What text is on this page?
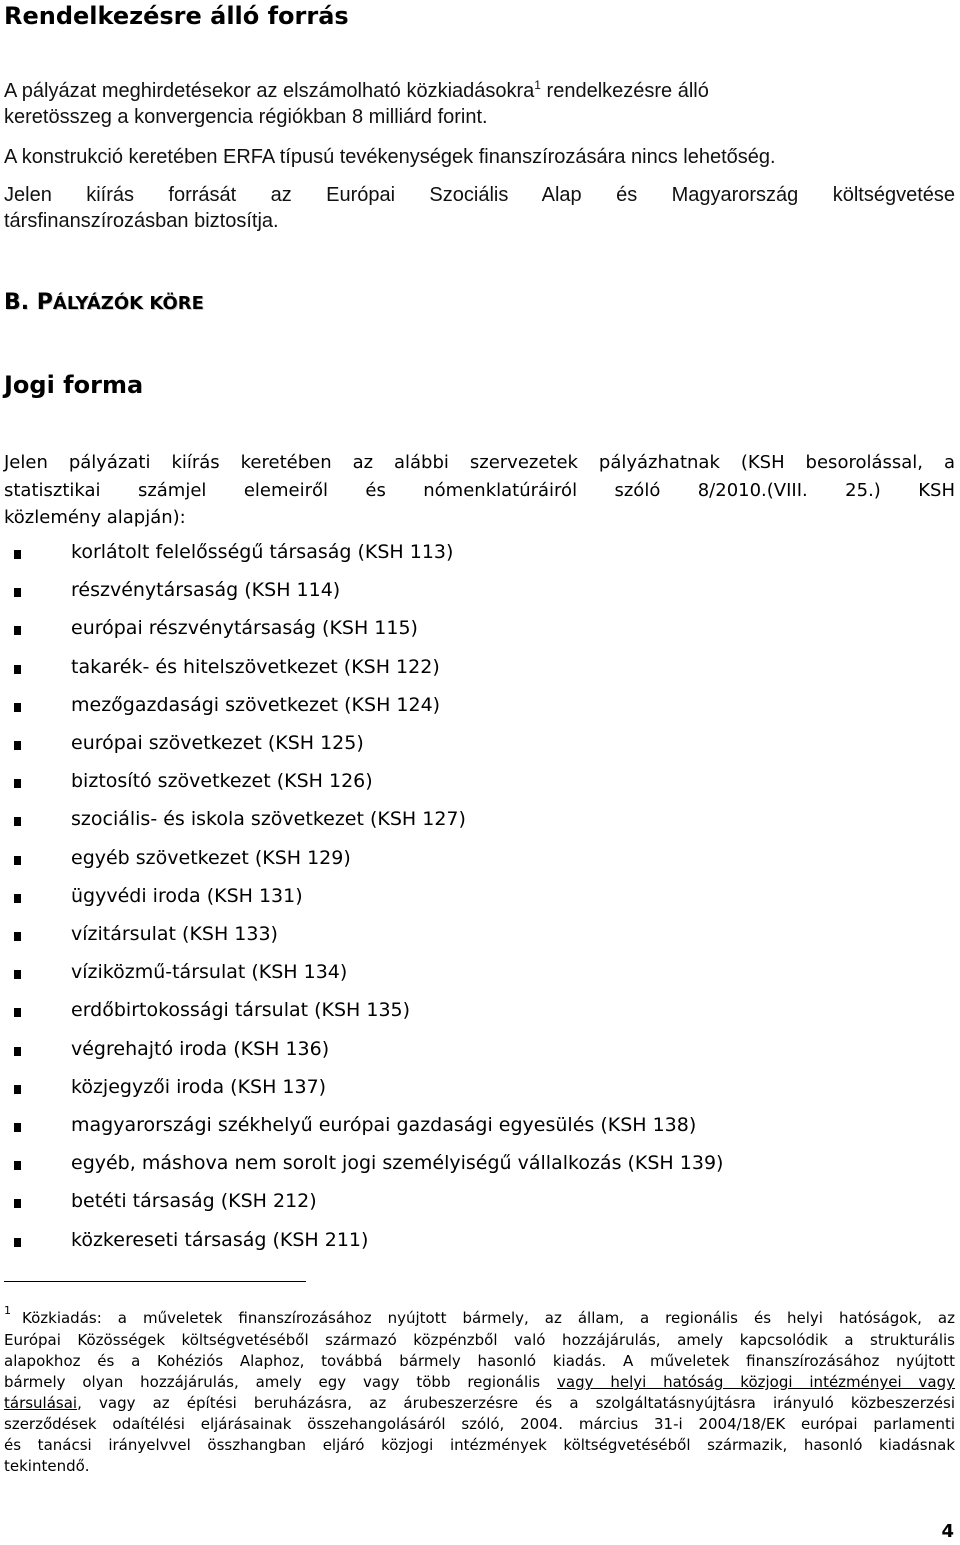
Rendelkezésre álló forrás
A pályázat meghirdetésekor az elszámolható közkiadásokra$^1$ rendelkezésre álló
keretösszeg a konvergencia régiókban 8 milliárd forint.
A konstrukció keretében ERFA típusú tevékenységek finanszírozására nincs lehetőség.
Jelen kiírás forrását az Európai Szociális Alap és Magyarország költségvetése
társfinanszírozásban biztosítja.
B. PÁLYÁZÓK KÖRE
Jogi forma
Jelen pályázati kiírás keretében az alábbi szervezetek pályázhatnak (KSH besorolással, a
statisztikai számjel elemeiről és nómenklatúráiról szóló 8/2010.(VIII. 25.) KSH
közlemény alapján):
korlátolt felelősségű társaság (KSH 113)
részvénytársaság (KSH 114)
európai részvénytársaság (KSH 115)
takarék- és hitelszövetkezet (KSH 122)
mezőgazdasági szövetkezet (KSH 124)
európai szövetkezet (KSH 125)
biztosító szövetkezet (KSH 126)
szociális- és iskola szövetkezet (KSH 127)
egyéb szövetkezet (KSH 129)
ügyvédi iroda (KSH 131)
vízitársulat (KSH 133)
víziközmű-társulat (KSH 134)
erdőbirtokossági társulat (KSH 135)
végrehajtó iroda (KSH 136)
közjegyzői iroda (KSH 137)
magyarországi székhelyű európai gazdasági egyesülés (KSH 138)
egyéb, máshova nem sorolt jogi személyiségű vállalkozás (KSH 139)
betéti társaság (KSH 212)
közkereseti társaság (KSH 211)
1 Közkiadás: a műveletek finanszírozásához nyújtott bármely, az állam, a regionális és helyi hatóságok, az
Európai Közösségek költségvetéséből származó közpénzből való hozzájárulás, amely kapcsolódik a strukturális
alapokhoz és a Kohéziós Alaphoz, továbbá bármely hasonló kiadás. A műveletek finanszírozásához nyújtott
bármely olyan hozzájárulás, amely egy vagy több regionális vagy helyi hatóság közjogi intézményei vagy
társulásai, vagy az építési beruházásra, az árubeszerzésre és a szolgáltatásnyújtásra irányuló közbeszerzési
szerződések odaítélési eljárásainak összehangolásáról szóló, 2004. március 31-i 2004/18/EK európai parlamenti
és tanácsi irányelvvel összhangban eljáró közjogi intézmények költségvetéséből származik, hasonló kiadásnak
tekintendő.
4
